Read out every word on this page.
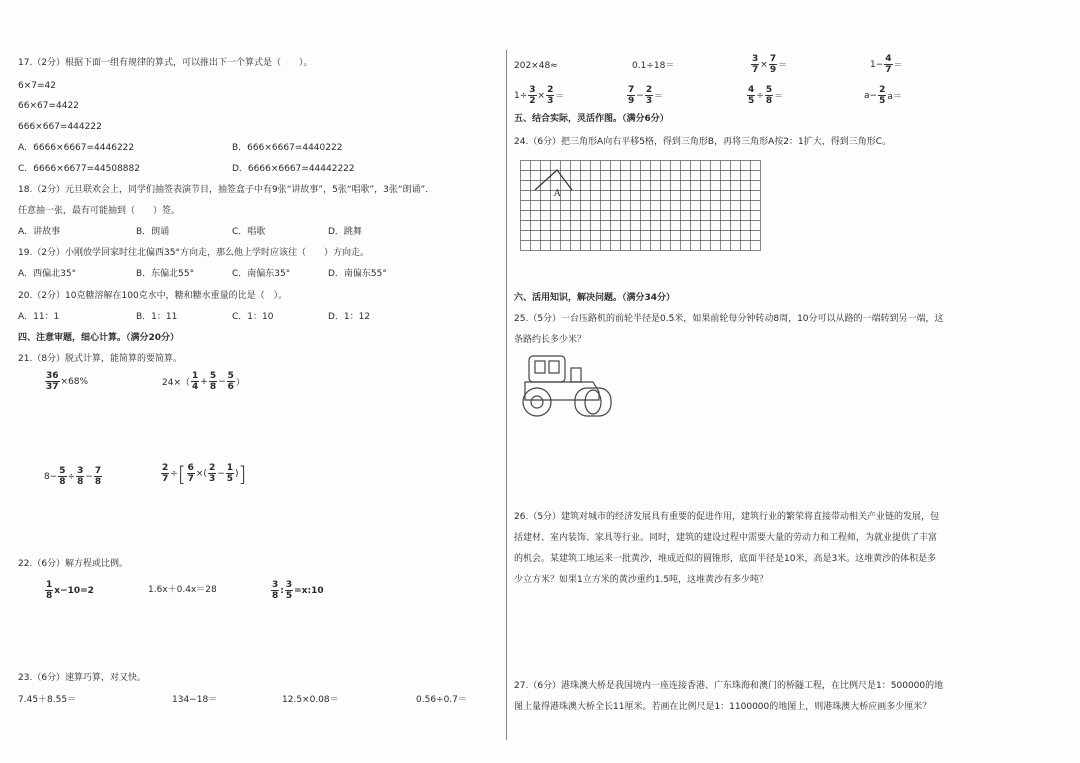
17.（2分）根据下面一组有规律的算式，可以推出下一个算式是（　　）。
6×7=42
66×67=4422
666×667=444222
A．6666×6667=4446222	B．666×6667=4440222
C．6666×6677=44508882	D．6666×6667=44442222
18.（2分）元旦联欢会上，同学们抽签表演节目，抽签盒子中有9张“讲故事”，5张“唱歌”，3张“朗诵”．
任意抽一张，最有可能抽到（　　）签。
A．讲故事	B．朗诵	C．唱歌	D．跳舞
19.（2分）小刚放学回家时往北偏西35°方向走，那么他上学时应该往（　　）方向走。
A．西偏北35°	B．东偏北55°	C．南偏东35°	D．南偏东55°
20.（2分）10克糖溶解在100克水中，糖和糖水重量的比是（　）。
A．11：1	B．1：11	C．1：10	D．1：12
四、注意审题，细心计算。（满分20分）
21.（8分）脱式计算，能简算的要简算。
$\frac{36}{37} \times 68\%$	$24\times( \frac{1}{4} + \frac{5}{8} - \frac{5}{6}$ ）
$8- \frac{5}{8} \div \frac{3}{8} - \frac{7}{8}$	$\frac{2}{7}$ ÷ [ $\frac{6}{7}$ ×( $\frac{2}{3} - \frac{1}{5}$ ) ]
22.（6分）解方程或比例。
$\frac{1}{8} x-10=2$	1.6x＋0.4x＝28	$\frac{3}{8}$ : $\frac{3}{5}$ =x:10
23.（6分）速算巧算，对又快。
7.45＋8.55＝	134−18＝	12.5×0.08＝	0.56÷0.7＝
202×48≈	0.1÷18＝	$\frac{3}{7} \times \frac{7}{9}$ ＝	$1- \frac{4}{7}$ ＝
$1\div \frac{3}{2} \times \frac{2}{3}$ ＝	$\frac{7}{9} - \frac{2}{3}$ ＝	$\frac{4}{5} \div \frac{5}{8}$ ＝	$a- \frac{2}{5} a=$
五、结合实际，灵活作图。（满分6分）
24.（6分）把三角形A向右平移5格，得到三角形B，再将三角形A按2：1扩大，得到三角形C。
A
六、活用知识，解决问题。（满分34分）
25.（5分）一台压路机的前轮半径是0.5米，如果前轮每分钟转动8周，10分可以从路的一端转到另一端，这
条路约长多少米？
26.（5分）建筑对城市的经济发展具有重要的促进作用，建筑行业的繁荣将直接带动相关产业链的发展，包
括建材、室内装饰、家具等行业。同时，建筑的建设过程中需要大量的劳动力和工程师，为就业提供了丰富
的机会。某建筑工地运来一批黄沙，堆成近似的圆锥形，底面半径是10米，高是3米。这堆黄沙的体积是多
少立方米？如果1立方米的黄沙重约1.5吨，这堆黄沙有多少吨？
27.（6分）港珠澳大桥是我国境内一座连接香港、广东珠海和澳门的桥隧工程，在比例尺是1：500000的地
图上量得港珠澳大桥全长11厘米。若画在比例尺是1：1100000的地图上，则港珠澳大桥应画多少厘米？
